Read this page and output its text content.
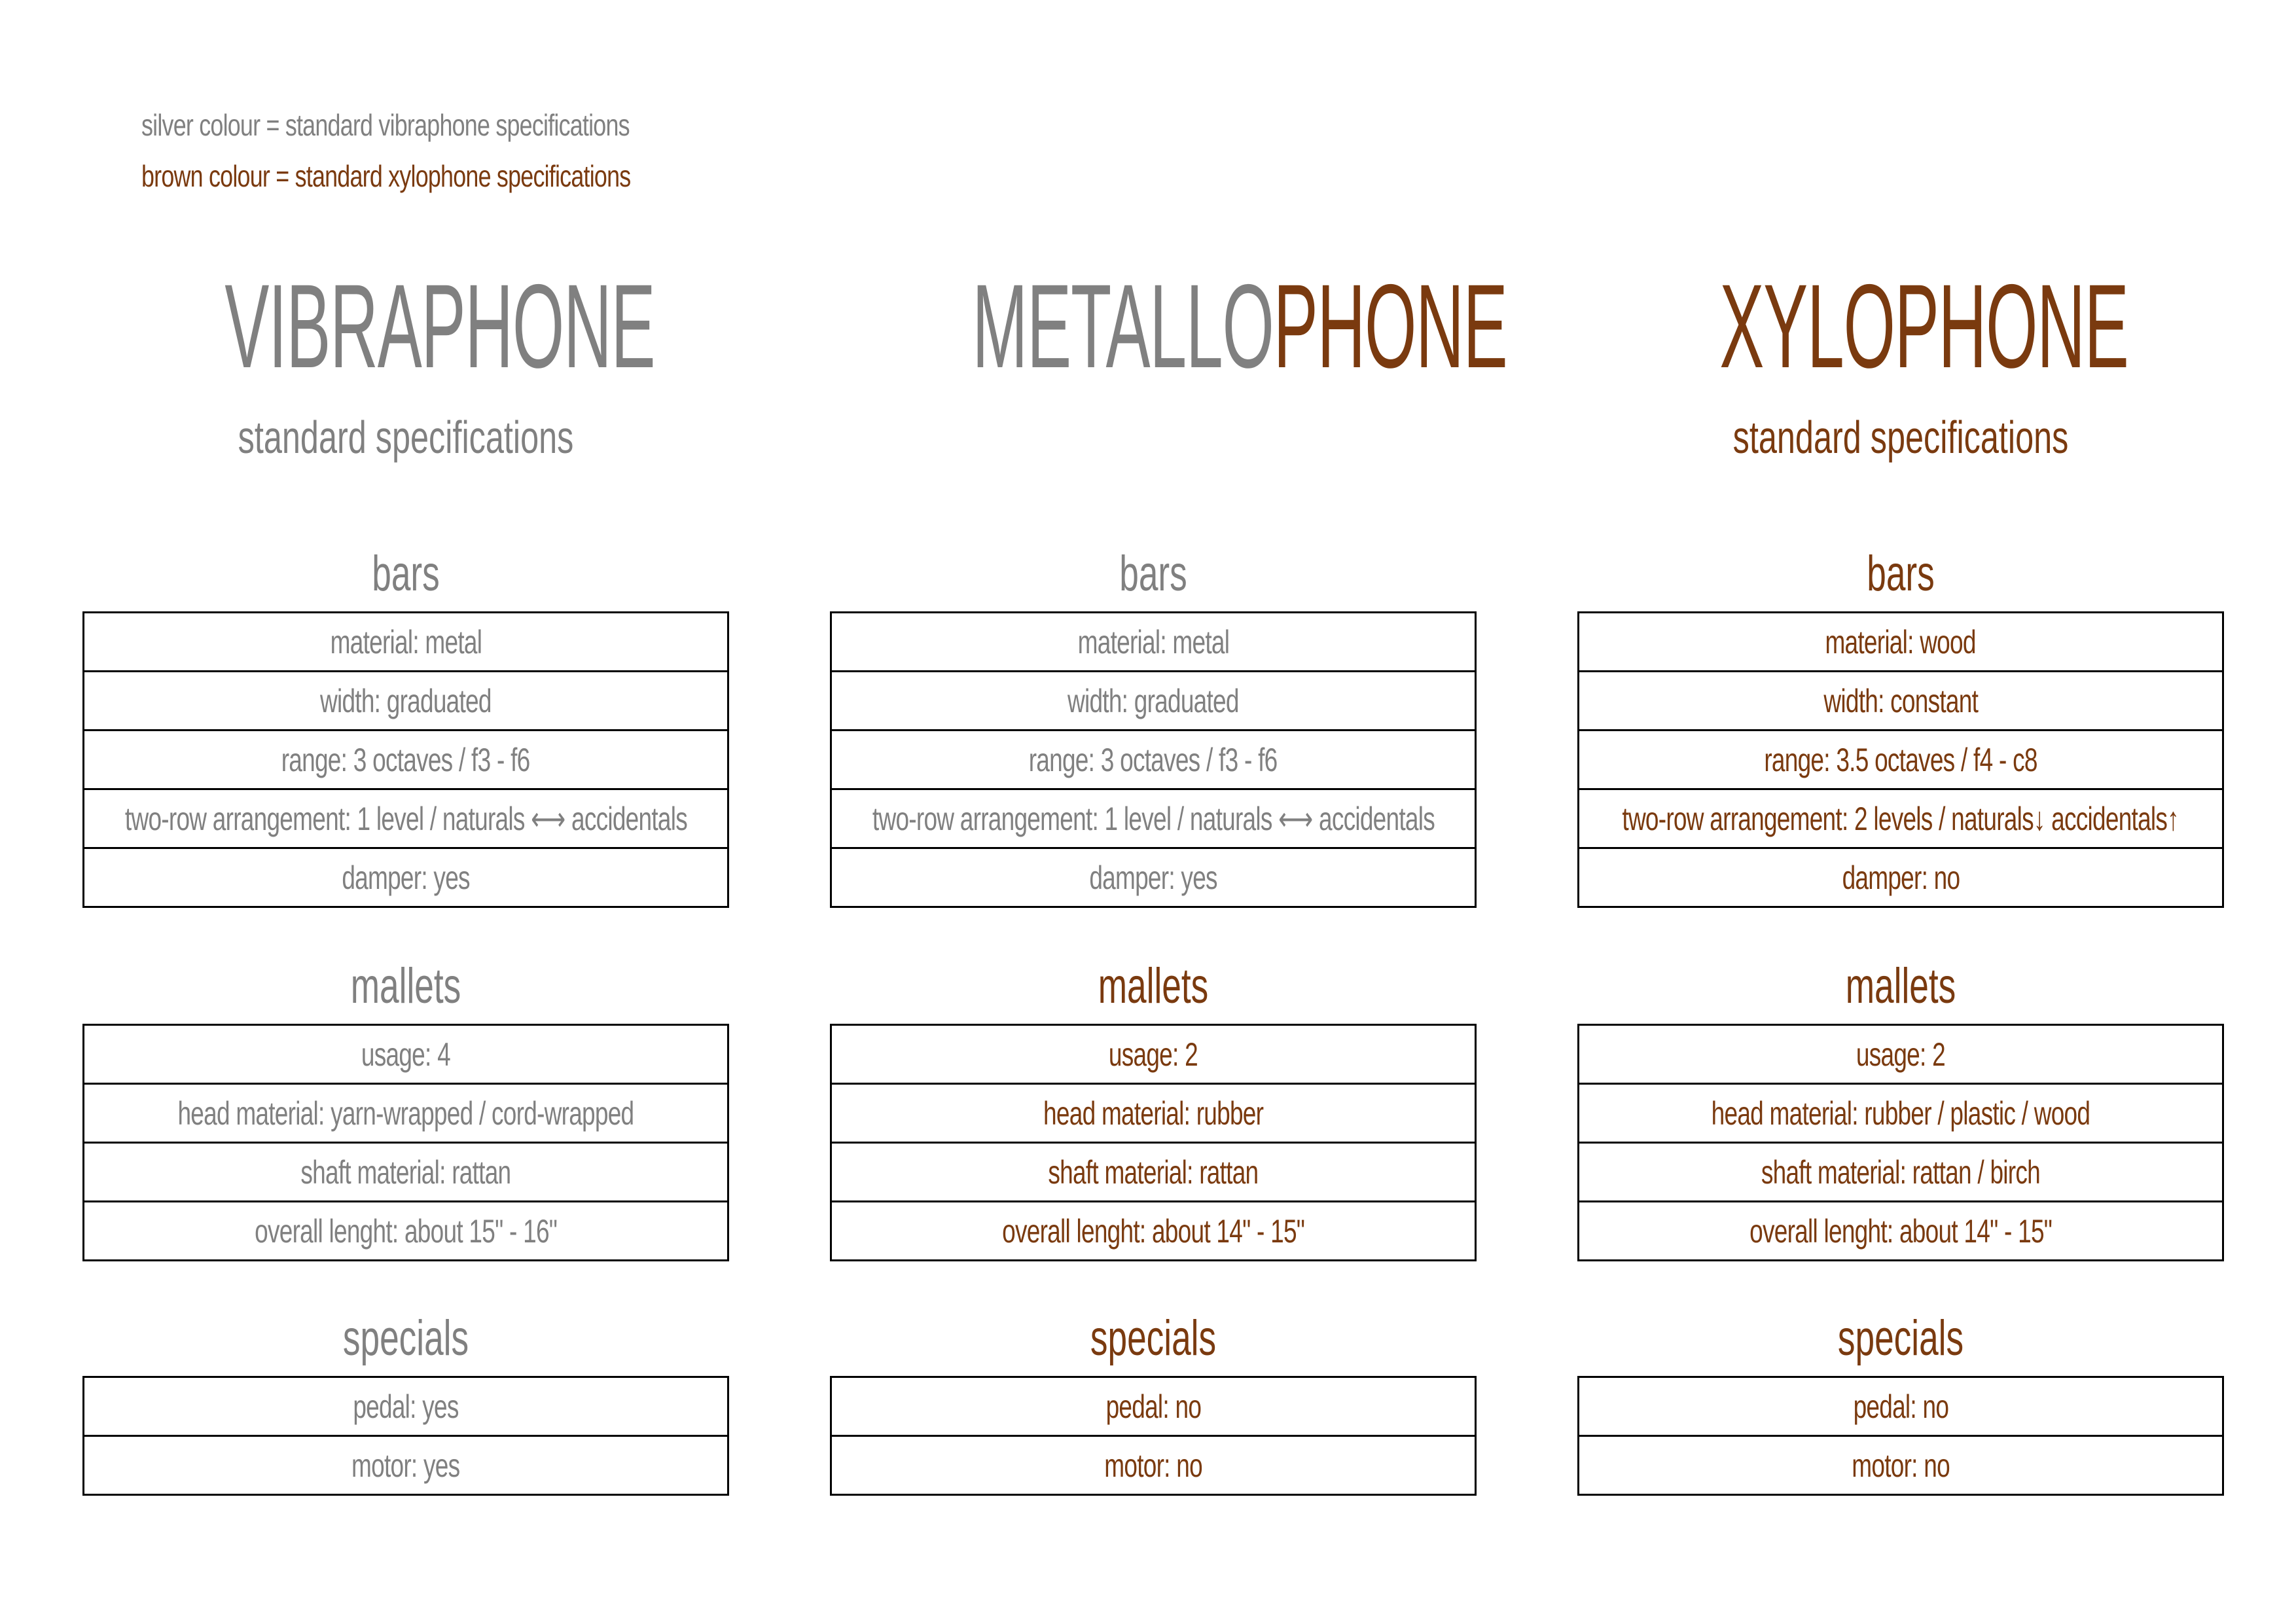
silver colour = standard vibraphone specifications
brown colour = standard xylophone specifications
VIBRAPHONE
standard specifications
bars
material: metal
width: graduated
range: 3 octaves / f3 - f6
two-row arrangement: 1 level / naturals ⟷ accidentals
damper: yes
mallets
usage: 4
head material: yarn-wrapped / cord-wrapped
shaft material: rattan
overall lenght: about 15" - 16"
specials
pedal: yes
motor: yes
METALLOPHONE
bars
material: metal
width: graduated
range: 3 octaves / f3 - f6
two-row arrangement: 1 level / naturals ⟷ accidentals
damper: yes
mallets
usage: 2
head material: rubber
shaft material: rattan
overall lenght: about 14" - 15"
specials
pedal: no
motor: no
XYLOPHONE
standard specifications
bars
material: wood
width: constant
range: 3.5 octaves / f4 - c8
two-row arrangement: 2 levels / naturals↓ accidentals↑
damper: no
mallets
usage: 2
head material: rubber / plastic / wood
shaft material: rattan / birch
overall lenght: about 14" - 15"
specials
pedal: no
motor: no
